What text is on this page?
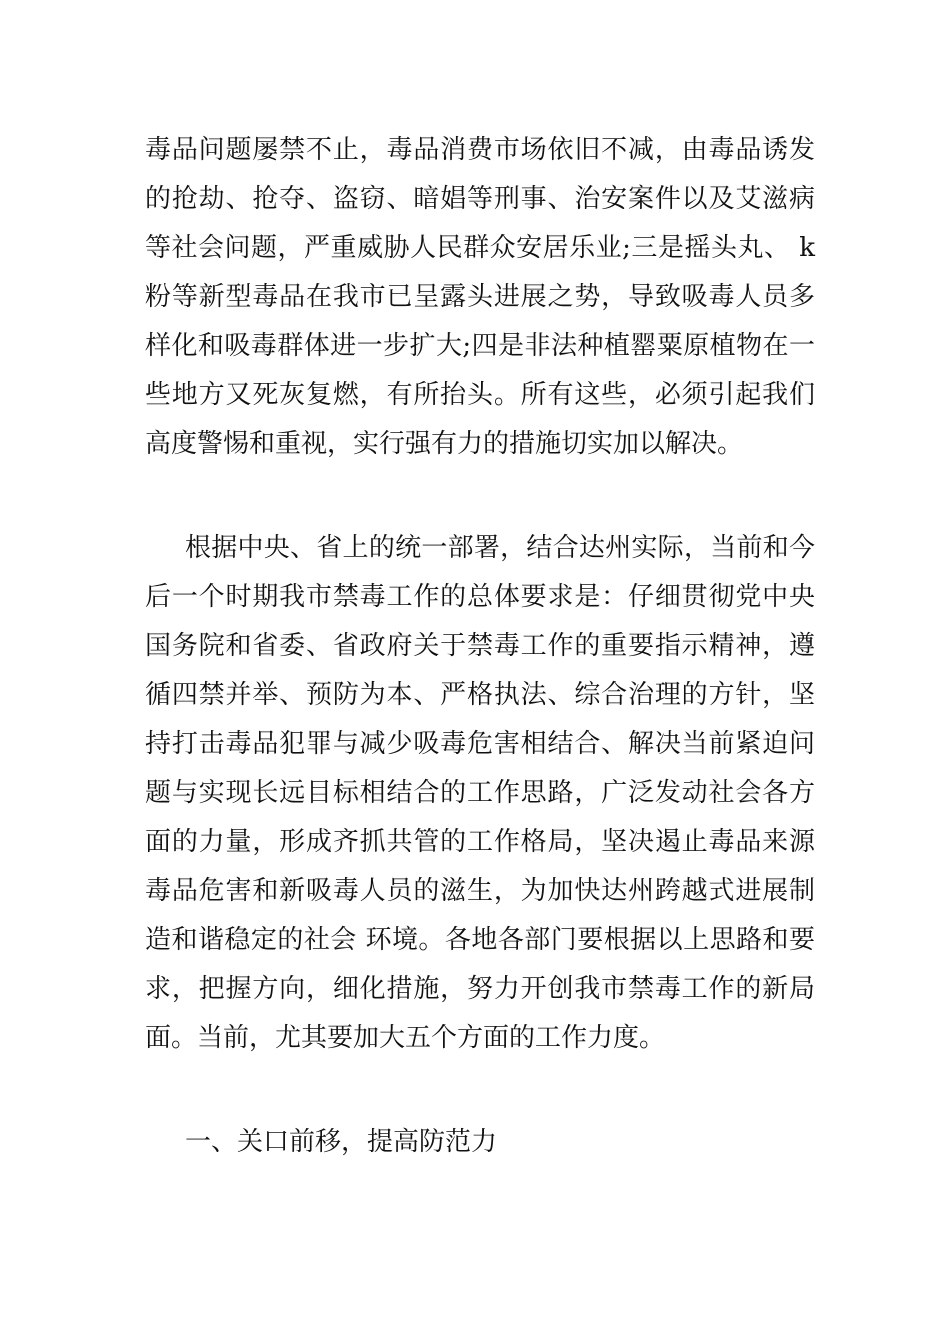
毒品问题屡禁不止，毒品消费市场依旧不减，由毒品诱发
的抢劫、抢夺、盗窃、暗娼等刑事、治安案件以及艾滋病
等社会问题，严重威胁人民群众安居乐业;三是摇头丸、 k
粉等新型毒品在我市已呈露头进展之势，导致吸毒人员多
样化和吸毒群体进一步扩大;四是非法种植罂粟原植物在一
些地方又死灰复燃，有所抬头。所有这些，必须引起我们
高度警惕和重视，实行强有力的措施切实加以解决。
根据中央、省上的统一部署，结合达州实际，当前和今
后一个时期我市禁毒工作的总体要求是：仔细贯彻党中央
国务院和省委、省政府关于禁毒工作的重要指示精神，遵
循四禁并举、预防为本、严格执法、综合治理的方针，坚
持打击毒品犯罪与减少吸毒危害相结合、解决当前紧迫问
题与实现长远目标相结合的工作思路，广泛发动社会各方
面的力量，形成齐抓共管的工作格局，坚决遏止毒品来源
毒品危害和新吸毒人员的滋生，为加快达州跨越式进展制
造和谐稳定的社会 环境。各地各部门要根据以上思路和要
求，把握方向，细化措施，努力开创我市禁毒工作的新局
面。当前，尤其要加大五个方面的工作力度。
一、关口前移，提高防范力
